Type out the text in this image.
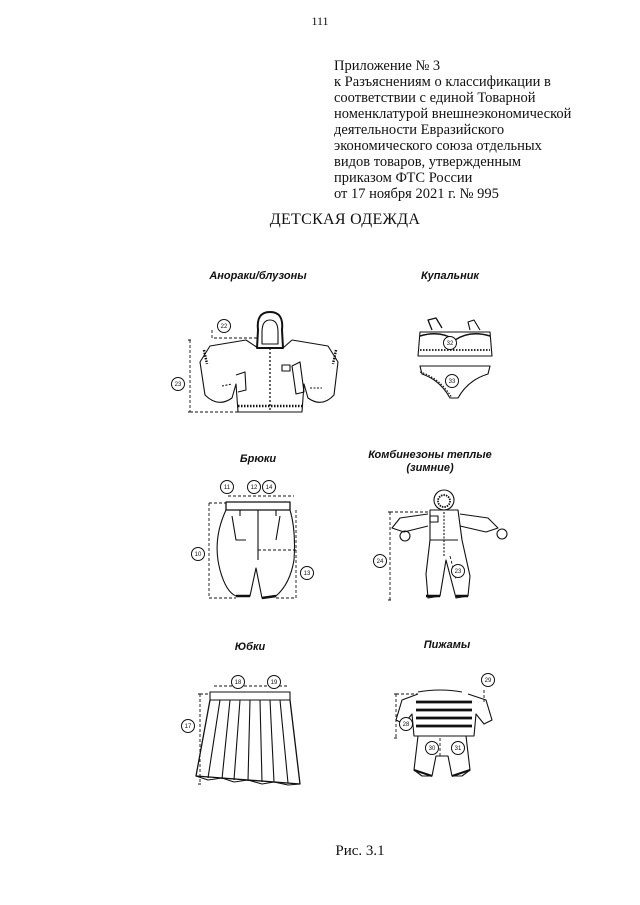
111
Приложение № 3
к Разъяснениям о классификации в
соответствии с единой Товарной
номенклатурой внешнеэкономической
деятельности Евразийского
экономического союза отдельных
видов товаров, утвержденным
приказом ФТС России
от 17 ноября 2021 г. № 995
ДЕТСКАЯ ОДЕЖДА
Анораки/блузоны	Купальник
Брюки	Комбинезоны теплые
(зимние)
Юбки	Пижамы
22
23
32
33
11	12 14
10
13
24
23
18	19
17
29
28
30	31
Рис. 3.1
